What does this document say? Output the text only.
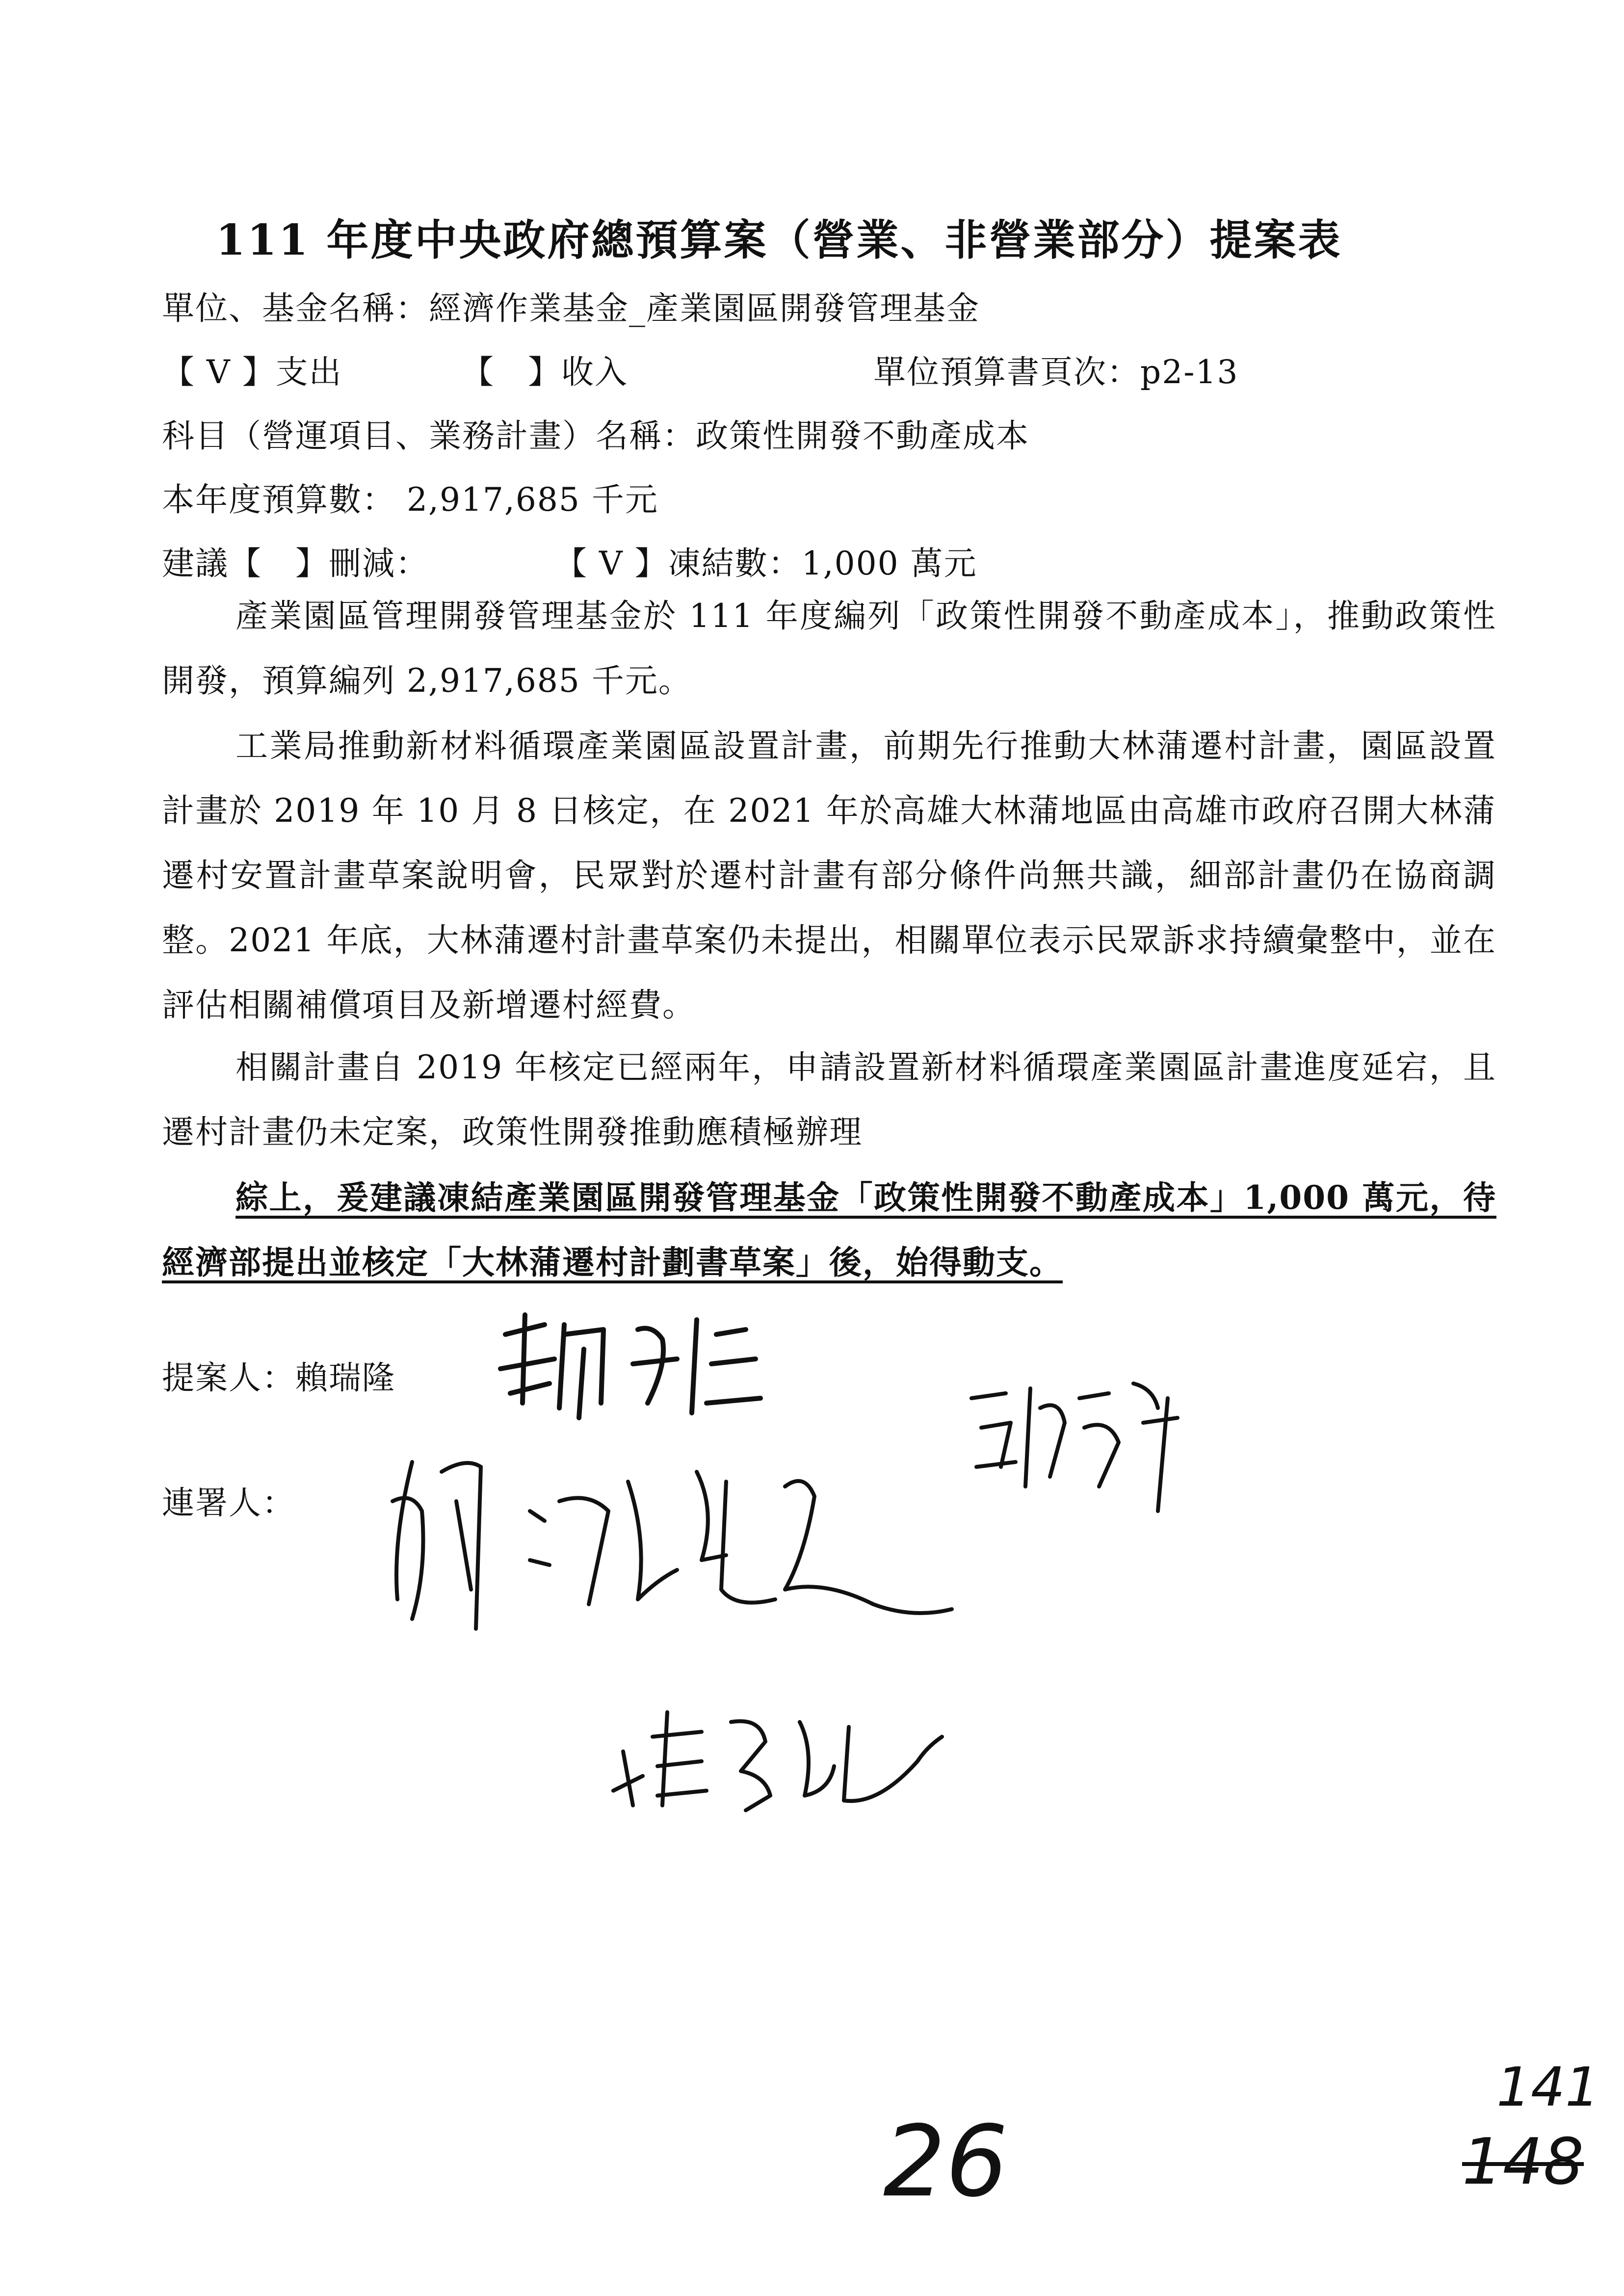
111 年度中央政府總預算案（營業、非營業部分）提案表
單位、基金名稱：經濟作業基金_產業園區開發管理基金
【 V 】支出	【　】收入	單位預算書頁次：p2-13
科目（營運項目、業務計畫）名稱：政策性開發不動產成本
本年度預算數： 2,917,685 千元
建議【　】刪減：	【 V 】凍結數：1,000 萬元
產業園區管理開發管理基金於 111 年度編列「政策性開發不動產成本」，推動政策性開發，預算編列 2,917,685 千元。
工業局推動新材料循環產業園區設置計畫，前期先行推動大林蒲遷村計畫，園區設置計畫於 2019 年 10 月 8 日核定，在 2021 年於高雄大林蒲地區由高雄市政府召開大林蒲遷村安置計畫草案說明會，民眾對於遷村計畫有部分條件尚無共識，細部計畫仍在協商調整。2021 年底，大林蒲遷村計畫草案仍未提出，相關單位表示民眾訴求持續彙整中，並在評估相關補償項目及新增遷村經費。
相關計畫自 2019 年核定已經兩年，申請設置新材料循環產業園區計畫進度延宕，且遷村計畫仍未定案，政策性開發推動應積極辦理
綜上，爰建議凍結產業園區開發管理基金「政策性開發不動產成本」1,000 萬元，待經濟部提出並核定「大林蒲遷村計劃書草案」後，始得動支。
提案人：賴瑞隆
連署人：
26
141
148
